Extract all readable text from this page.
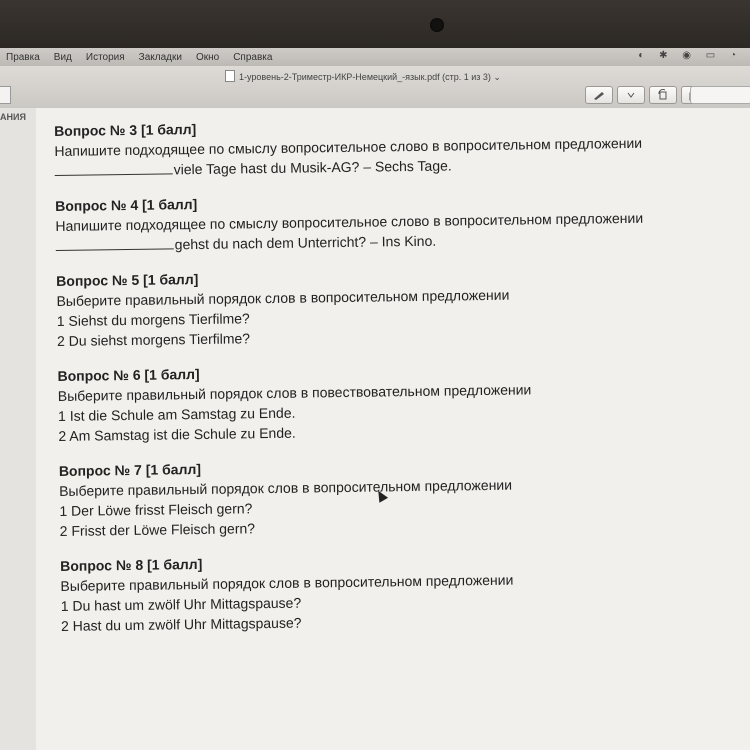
Правка Вид История Закладки Окно Справка	◐ ✱ ◉ ▭ ◔
1-уровень-2-Триместр-ИКР-Немецкий_-язык.pdf (стр. 1 из 3) ⌄
АНИЯ
Вопрос № 3 [1 балл]
Напишите подходящее по смыслу вопросительное слово в вопросительном предложении
viele Tage hast du Musik-AG? – Sechs Tage.
Вопрос № 4 [1 балл]
Напишите подходящее по смыслу вопросительное слово в вопросительном предложении
gehst du nach dem Unterricht? – Ins Kino.
Вопрос № 5 [1 балл]
Выберите правильный порядок слов в вопросительном предложении
1 Siehst du morgens Tierfilme?
2 Du siehst morgens Tierfilme?
Вопрос № 6 [1 балл]
Выберите правильный порядок слов в повествовательном предложении
1 Ist die Schule am Samstag zu Ende.
2 Am Samstag ist die Schule zu Ende.
Вопрос № 7 [1 балл]
Выберите правильный порядок слов в вопросительном предложении
1 Der Löwe frisst Fleisch gern?
2 Frisst der Löwe Fleisch gern?
Вопрос № 8 [1 балл]
Выберите правильный порядок слов в вопросительном предложении
1 Du hast um zwölf Uhr Mittagspause?
2 Hast du um zwölf Uhr Mittagspause?
